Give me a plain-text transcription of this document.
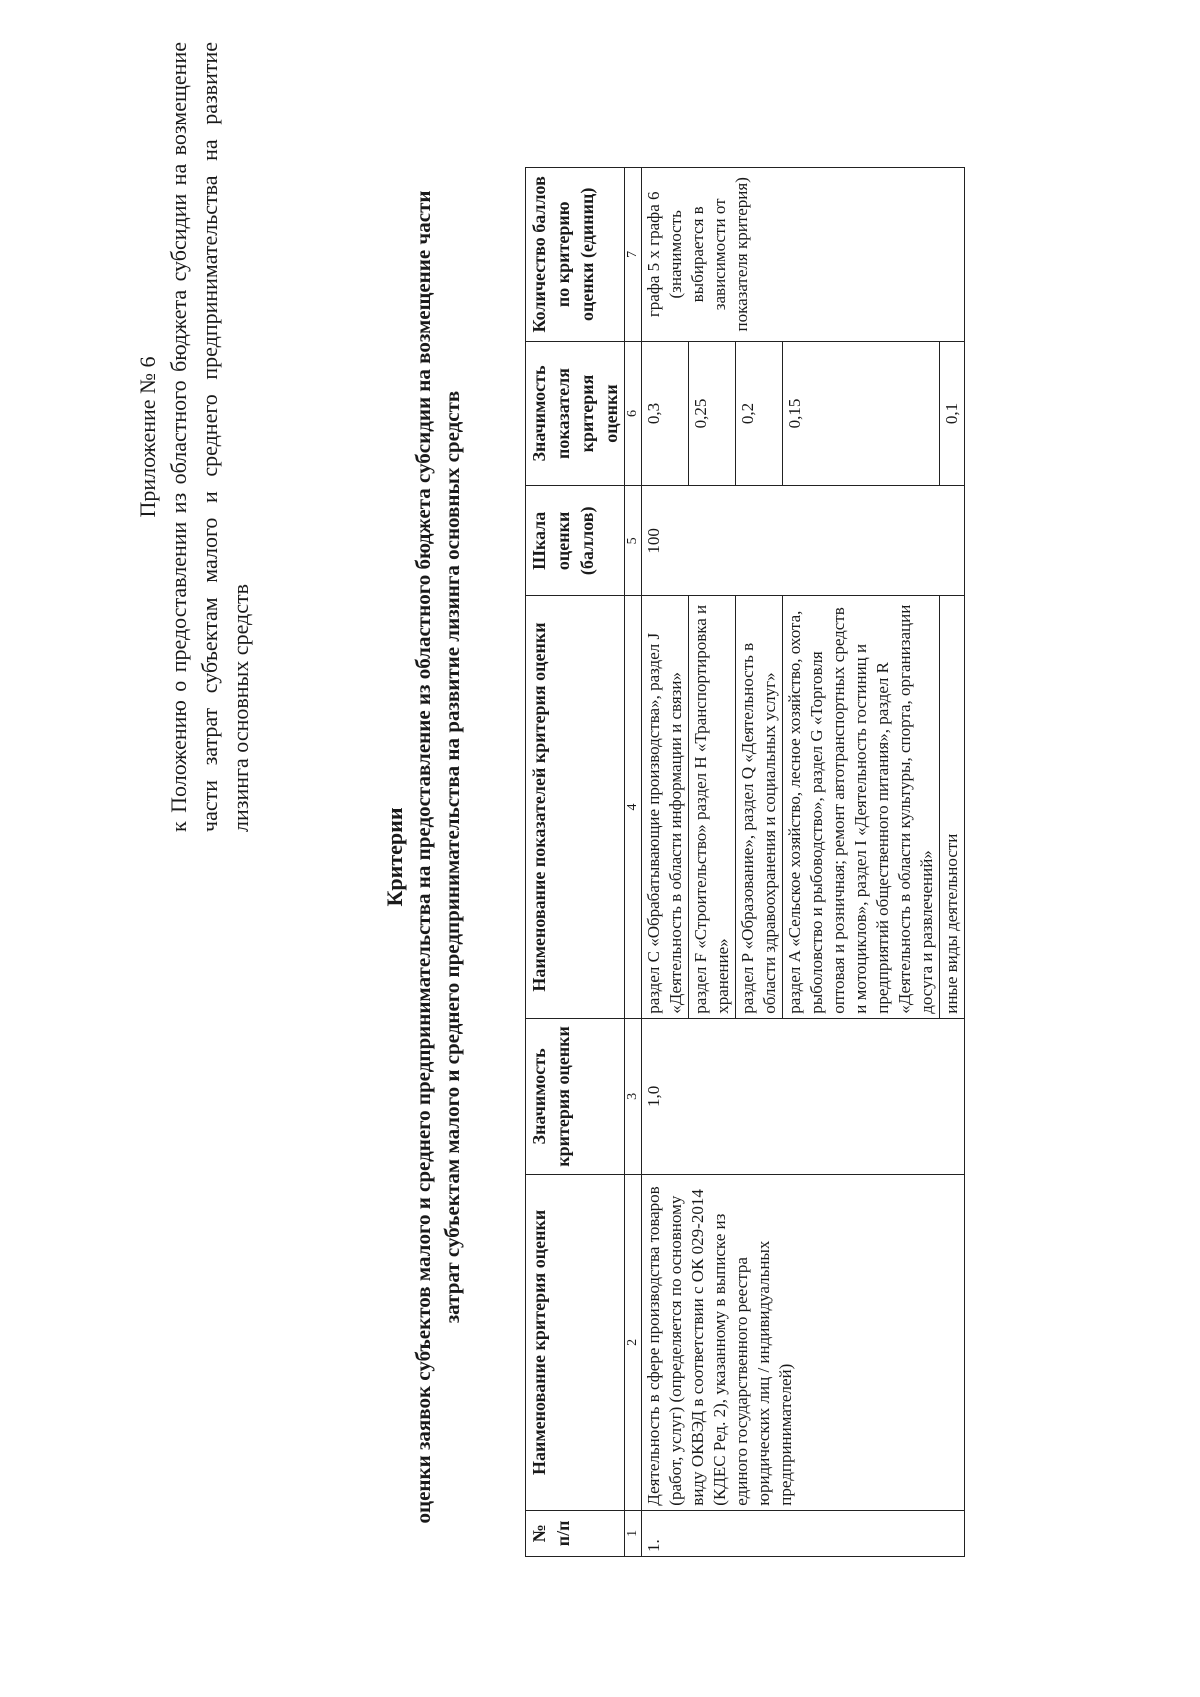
Приложение № 6 к Положению о предоставлении из областного бюджета субсидии на возмещение части затрат субъектам малого и среднего предпринимательства на развитие лизинга основных средств
Критерии оценки заявок субъектов малого и среднего предпринимательства на предоставление из областного бюджета субсидии на возмещение части затрат субъектам малого и среднего предпринимательства на развитие лизинга основных средств
№ п/п	Наименование критерия оценки	Значимость критерия оценки	Наименование показателей критерия оценки	Шкала оценки (баллов)	Значимость показателя критерия оценки	Количество баллов по критерию оценки (единиц)
1	2	3	4	5	6	7
1.	Деятельность в сфере производства товаров (работ, услуг) (определяется по основному виду ОКВЭД в соответствии с ОК 029-2014 (КДЕС Ред. 2), указанному в выписке из единого государственного реестра юридических лиц / индивидуальных предпринимателей)	1,0	раздел C «Обрабатывающие производства», раздел J «Деятельность в области информации и связи»	100	0,3	графа 5 х графа 6 (значимость выбирается в зависимости от показателя критерия)
			раздел F «Строительство» раздел H «Транспортировка и хранение»		0,25	
			раздел P «Образование», раздел Q «Деятельность в области здравоохранения и социальных услуг»		0,2	
			раздел A «Сельское хозяйство, лесное хозяйство, охота, рыболовство и рыбоводство», раздел G «Торговля оптовая и розничная; ремонт автотранспортных средств и мотоциклов», раздел I «Деятельность гостиниц и предприятий общественного питания», раздел R «Деятельность в области культуры, спорта, организации досуга и развлечений»		0,15	
			иные виды деятельности		0,1	
